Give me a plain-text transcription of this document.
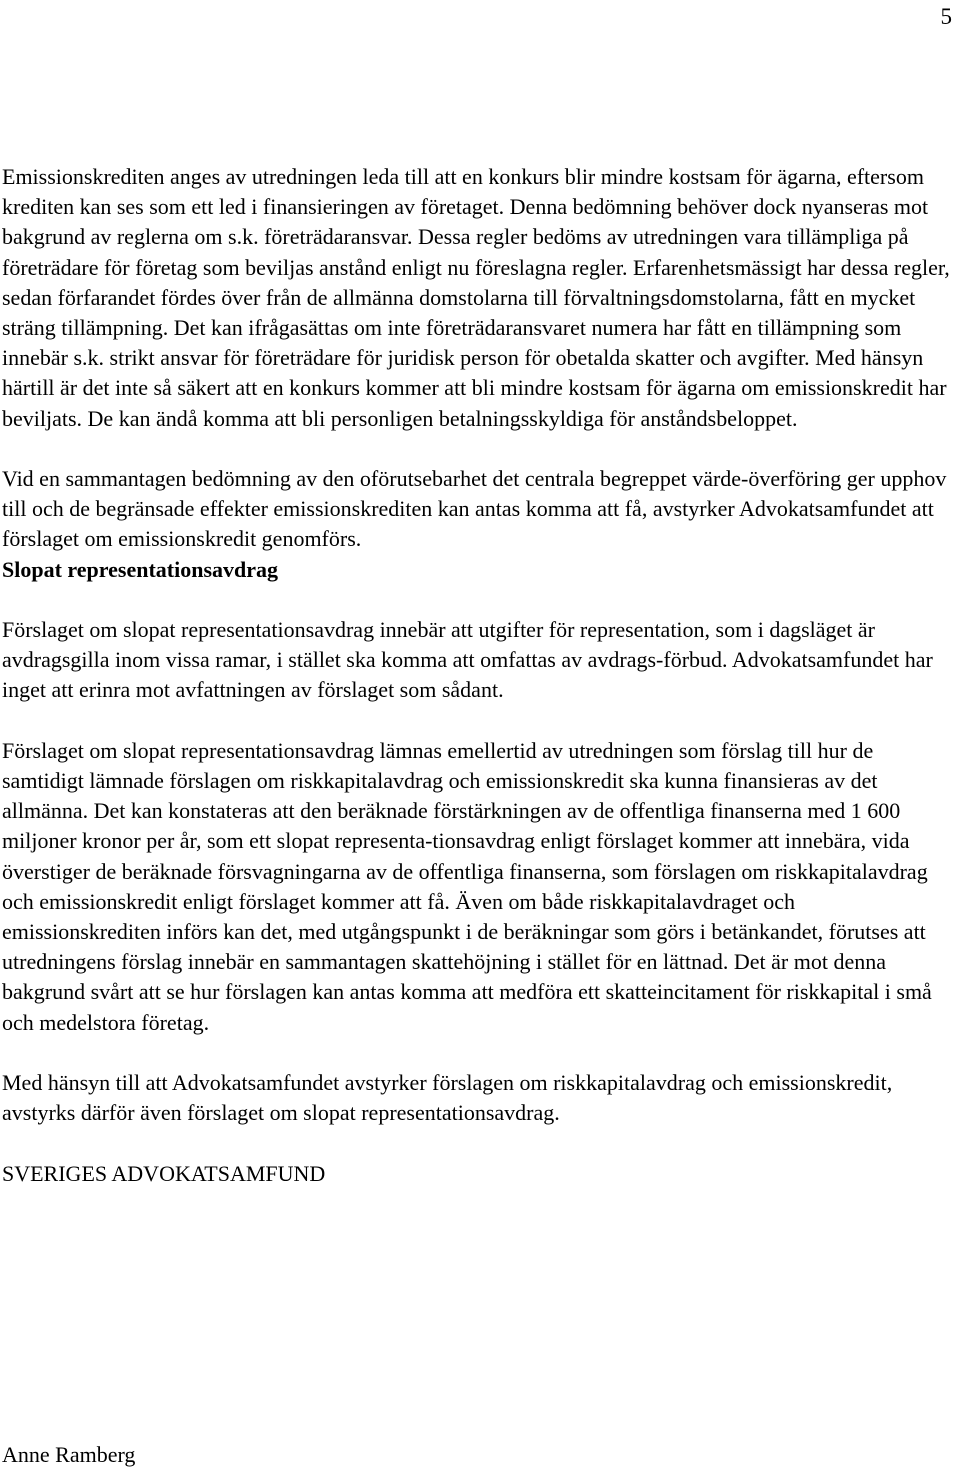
5

Emissionskrediten anges av utredningen leda till att en konkurs blir mindre kostsam för ägarna, eftersom krediten kan ses som ett led i finansieringen av företaget. Denna bedömning behöver dock nyanseras mot bakgrund av reglerna om s.k. företrädaransvar. Dessa regler bedöms av utredningen vara tillämpliga på företrädare för företag som beviljas anstånd enligt nu föreslagna regler. Erfarenhetsmässigt har dessa regler, sedan förfarandet fördes över från de allmänna domstolarna till förvaltningsdomstolarna, fått en mycket sträng tillämpning. Det kan ifrågasättas om inte företrädaransvaret numera har fått en tillämpning som innebär s.k. strikt ansvar för företrädare för juridisk person för obetalda skatter och avgifter. Med hänsyn härtill är det inte så säkert att en konkurs kommer att bli mindre kostsam för ägarna om emissionskredit har beviljats. De kan ändå komma att bli personligen betalningsskyldiga för anståndsbeloppet.

Vid en sammantagen bedömning av den oförutsebarhet det centrala begreppet värde-överföring ger upphov till och de begränsade effekter emissionskrediten kan antas komma att få, avstyrker Advokatsamfundet att förslaget om emissionskredit genomförs.

Slopat representationsavdrag

Förslaget om slopat representationsavdrag innebär att utgifter för representation, som i dagsläget är avdragsgilla inom vissa ramar, i stället ska komma att omfattas av avdrags-förbud. Advokatsamfundet har inget att erinra mot avfattningen av förslaget som sådant.

Förslaget om slopat representationsavdrag lämnas emellertid av utredningen som förslag till hur de samtidigt lämnade förslagen om riskkapitalavdrag och emissionskredit ska kunna finansieras av det allmänna. Det kan konstateras att den beräknade förstärkningen av de offentliga finanserna med 1 600 miljoner kronor per år, som ett slopat representa-tionsavdrag enligt förslaget kommer att innebära, vida överstiger de beräknade försvagningarna av de offentliga finanserna, som förslagen om riskkapitalavdrag och emissionskredit enligt förslaget kommer att få. Även om både riskkapitalavdraget och emissionskrediten införs kan det, med utgångspunkt i de beräkningar som görs i betänkandet, förutses att utredningens förslag innebär en sammantagen skattehöjning i stället för en lättnad. Det är mot denna bakgrund svårt att se hur förslagen kan antas komma att medföra ett skatteincitament för riskkapital i små och medelstora företag.

Med hänsyn till att Advokatsamfundet avstyrker förslagen om riskkapitalavdrag och emissionskredit, avstyrks därför även förslaget om slopat representationsavdrag.

SVERIGES ADVOKATSAMFUND

Anne Ramberg
